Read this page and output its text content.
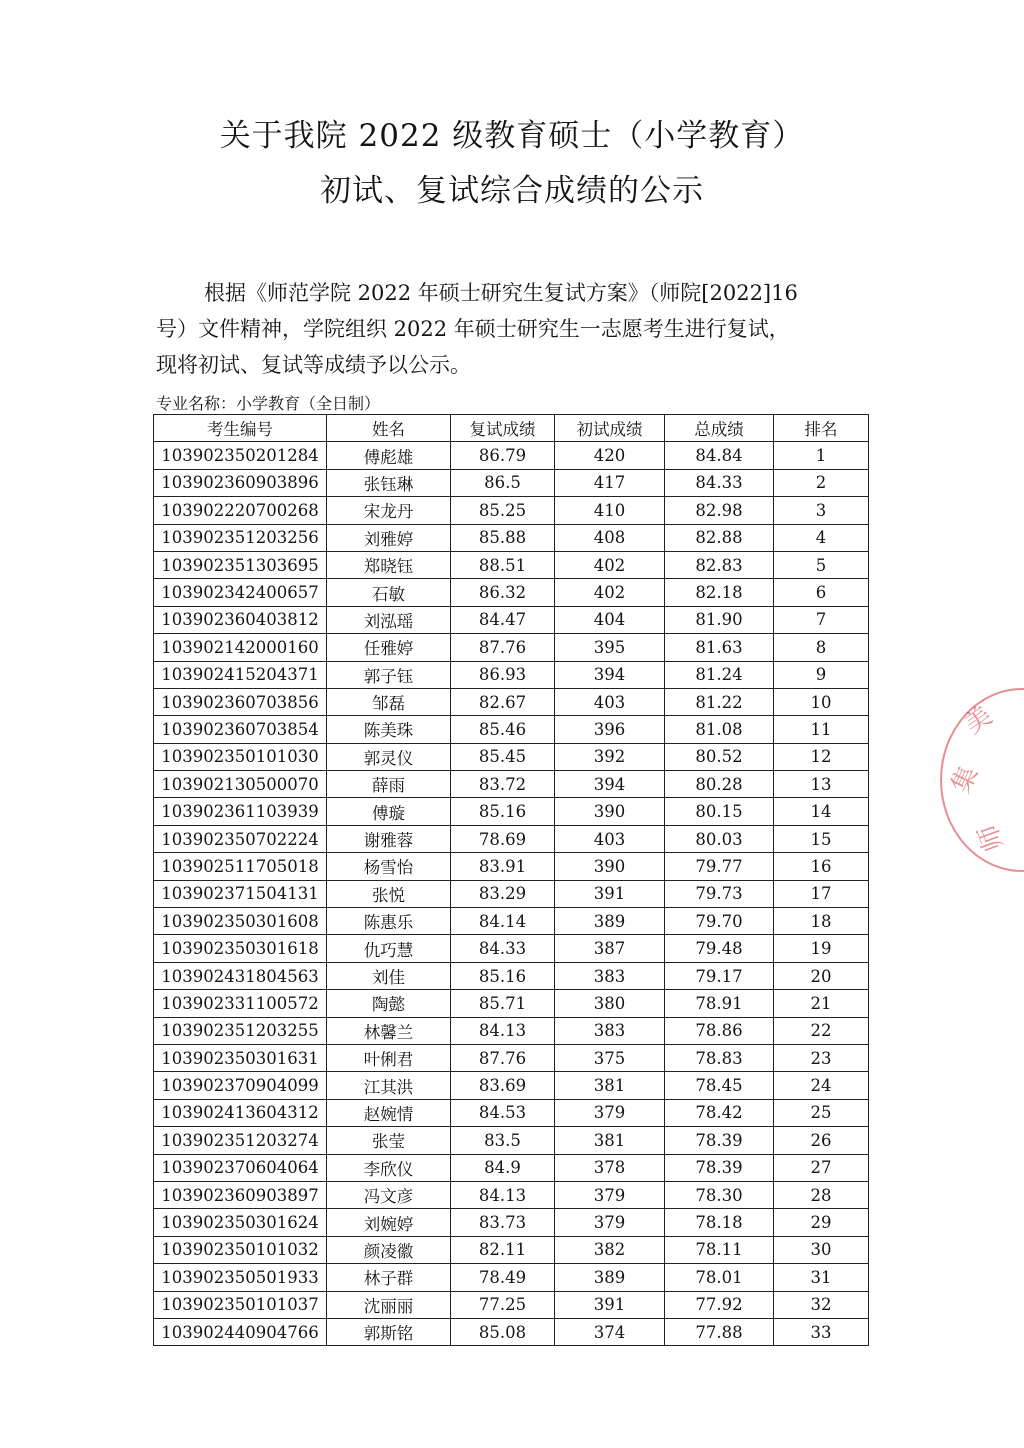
关于我院 2022 级教育硕士（小学教育）
初试、复试综合成绩的公示

根据《师范学院 2022 年硕士研究生复试方案》（师院[2022]16

号）文件精神，学院组织 2022 年硕士研究生一志愿考生进行复试，

现将初试、复试等成绩予以公示。

专业名称：小学教育（全日制）

考生编号	姓名	复试成绩	初试成绩	总成绩	排名
103902350201284	傅彪雄	86.79	420	84.84	1
103902360903896	张钰琳	86.5	417	84.33	2
103902220700268	宋龙丹	85.25	410	82.98	3
103902351203256	刘雅婷	85.88	408	82.88	4
103902351303695	郑晓钰	88.51	402	82.83	5
103902342400657	石敏	86.32	402	82.18	6
103902360403812	刘泓瑶	84.47	404	81.90	7
103902142000160	任雅婷	87.76	395	81.63	8
103902415204371	郭子钰	86.93	394	81.24	9
103902360703856	邹磊	82.67	403	81.22	10
103902360703854	陈美珠	85.46	396	81.08	11
103902350101030	郭灵仪	85.45	392	80.52	12
103902130500070	薛雨	83.72	394	80.28	13
103902361103939	傅璇	85.16	390	80.15	14
103902350702224	谢雅蓉	78.69	403	80.03	15
103902511705018	杨雪怡	83.91	390	79.77	16
103902371504131	张悦	83.29	391	79.73	17
103902350301608	陈惠乐	84.14	389	79.70	18
103902350301618	仇巧慧	84.33	387	79.48	19
103902431804563	刘佳	85.16	383	79.17	20
103902331100572	陶懿	85.71	380	78.91	21
103902351203255	林馨兰	84.13	383	78.86	22
103902350301631	叶俐君	87.76	375	78.83	23
103902370904099	江其洪	83.69	381	78.45	24
103902413604312	赵婉情	84.53	379	78.42	25
103902351203274	张莹	83.5	381	78.39	26
103902370604064	李欣仪	84.9	378	78.39	27
103902360903897	冯文彦	84.13	379	78.30	28
103902350301624	刘婉婷	83.73	379	78.18	29
103902350101032	颜凌徽	82.11	382	78.11	30
103902350501933	林子群	78.49	389	78.01	31
103902350101037	沈丽丽	77.25	391	77.92	32
103902440904766	郭斯铭	85.08	374	77.88	33
美
集
师
